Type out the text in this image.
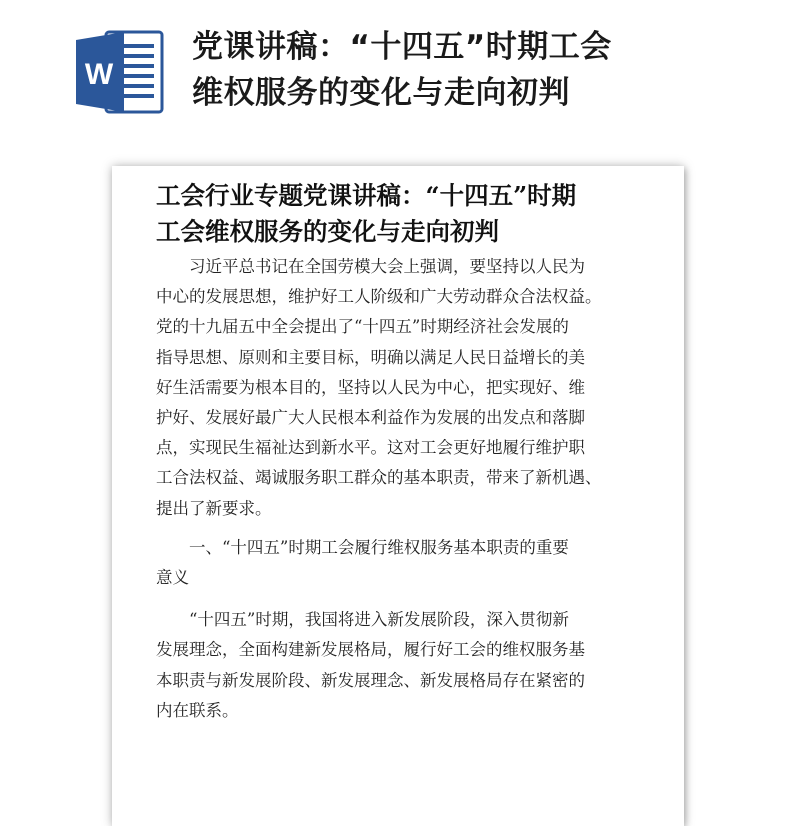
W
党课讲稿：“十四五”时期工会
维权服务的变化与走向初判
工会行业专题党课讲稿：“十四五”时期
工会维权服务的变化与走向初判

　　习近平总书记在全国劳模大会上强调，要坚持以人民为

中心的发展思想，维护好工人阶级和广大劳动群众合法权益。

党的十九届五中全会提出了“十四五”时期经济社会发展的

指导思想、原则和主要目标，明确以满足人民日益增长的美

好生活需要为根本目的，坚持以人民为中心，把实现好、维

护好、发展好最广大人民根本利益作为发展的出发点和落脚

点，实现民生福祉达到新水平。这对工会更好地履行维护职

工合法权益、竭诚服务职工群众的基本职责，带来了新机遇、

提出了新要求。

　　一、“十四五”时期工会履行维权服务基本职责的重要

意义

　　“十四五”时期，我国将进入新发展阶段，深入贯彻新

发展理念，全面构建新发展格局，履行好工会的维权服务基

本职责与新发展阶段、新发展理念、新发展格局存在紧密的

内在联系。
